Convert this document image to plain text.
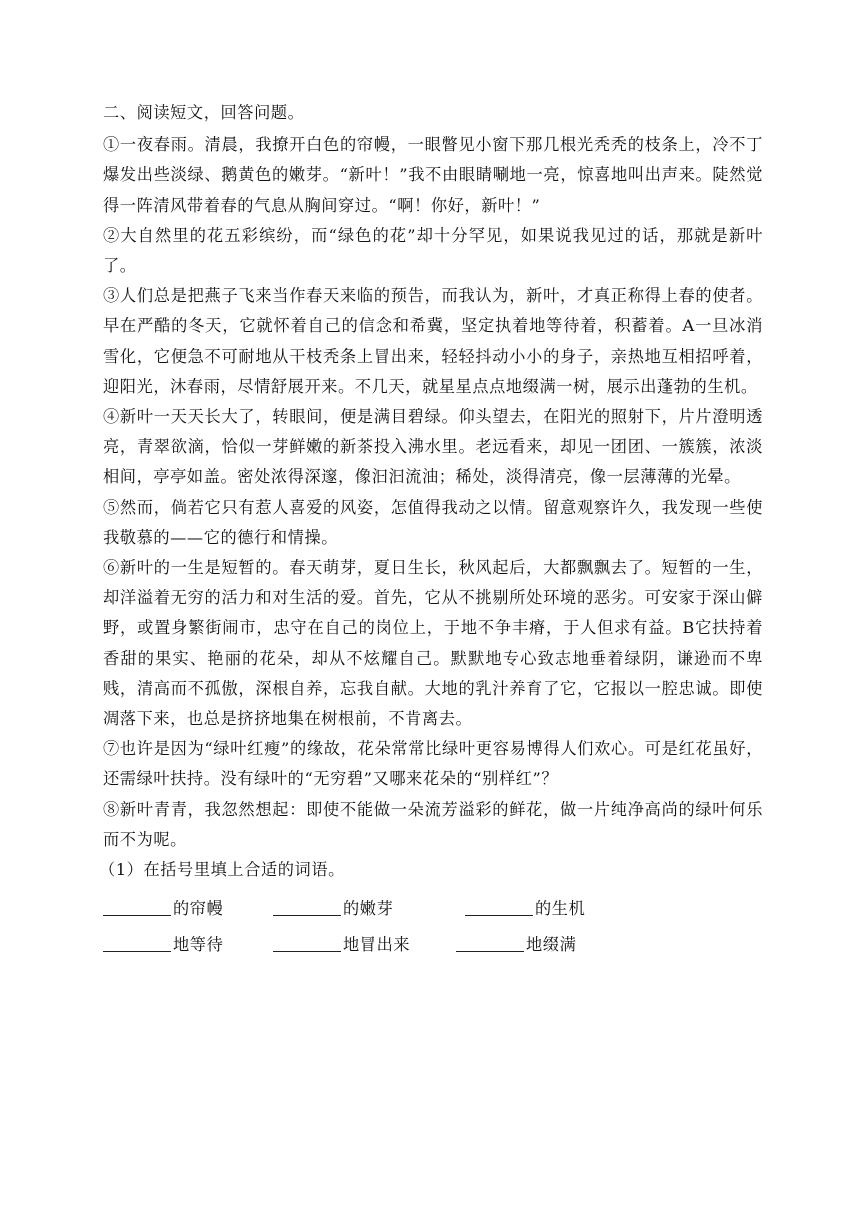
二、阅读短文，回答问题。

①一夜春雨。清晨，我撩开白色的帘幔，一眼瞥见小窗下那几根光秃秃的枝条上，冷不丁爆发出些淡绿、鹅黄色的嫩芽。“新叶！”我不由眼睛唰地一亮，惊喜地叫出声来。陡然觉得一阵清风带着春的气息从胸间穿过。“啊！你好，新叶！”

②大自然里的花五彩缤纷，而“绿色的花”却十分罕见，如果说我见过的话，那就是新叶了。

③人们总是把燕子飞来当作春天来临的预告，而我认为，新叶，才真正称得上春的使者。早在严酷的冬天，它就怀着自己的信念和希冀，坚定执着地等待着，积蓄着。A一旦冰消雪化，它便急不可耐地从干枝秃条上冒出来，轻轻抖动小小的身子，亲热地互相招呼着，迎阳光，沐春雨，尽情舒展开来。不几天，就星星点点地缀满一树，展示出蓬勃的生机。

④新叶一天天长大了，转眼间，便是满目碧绿。仰头望去，在阳光的照射下，片片澄明透亮，青翠欲滴，恰似一芽鲜嫩的新茶投入沸水里。老远看来，却见一团团、一簇簇，浓淡相间，亭亭如盖。密处浓得深邃，像汩汩流油；稀处，淡得清亮，像一层薄薄的光晕。

⑤然而，倘若它只有惹人喜爱的风姿，怎值得我动之以情。留意观察许久，我发现一些使我敬慕的——它的德行和情操。

⑥新叶的一生是短暂的。春天萌芽，夏日生长，秋风起后，大都飘飘去了。短暂的一生，却洋溢着无穷的活力和对生活的爱。首先，它从不挑剔所处环境的恶劣。可安家于深山僻野，或置身繁街闹市，忠守在自己的岗位上，于地不争丰瘠，于人但求有益。B它扶持着香甜的果实、艳丽的花朵，却从不炫耀自己。默默地专心致志地垂着绿阴，谦逊而不卑贱，清高而不孤傲，深根自养，忘我自献。大地的乳汁养育了它，它报以一腔忠诚。即使凋落下来，也总是挤挤地集在树根前，不肯离去。

⑦也许是因为“绿叶红瘦”的缘故，花朵常常比绿叶更容易博得人们欢心。可是红花虽好，还需绿叶扶持。没有绿叶的“无穷碧”又哪来花朵的“别样红”？

⑧新叶青青，我忽然想起：即使不能做一朵流芳溢彩的鲜花，做一片纯净高尚的绿叶何乐而不为呢。

（1）在括号里填上合适的词语。

的帘幔	的嫩芽	的生机
地等待	地冒出来	地缀满
